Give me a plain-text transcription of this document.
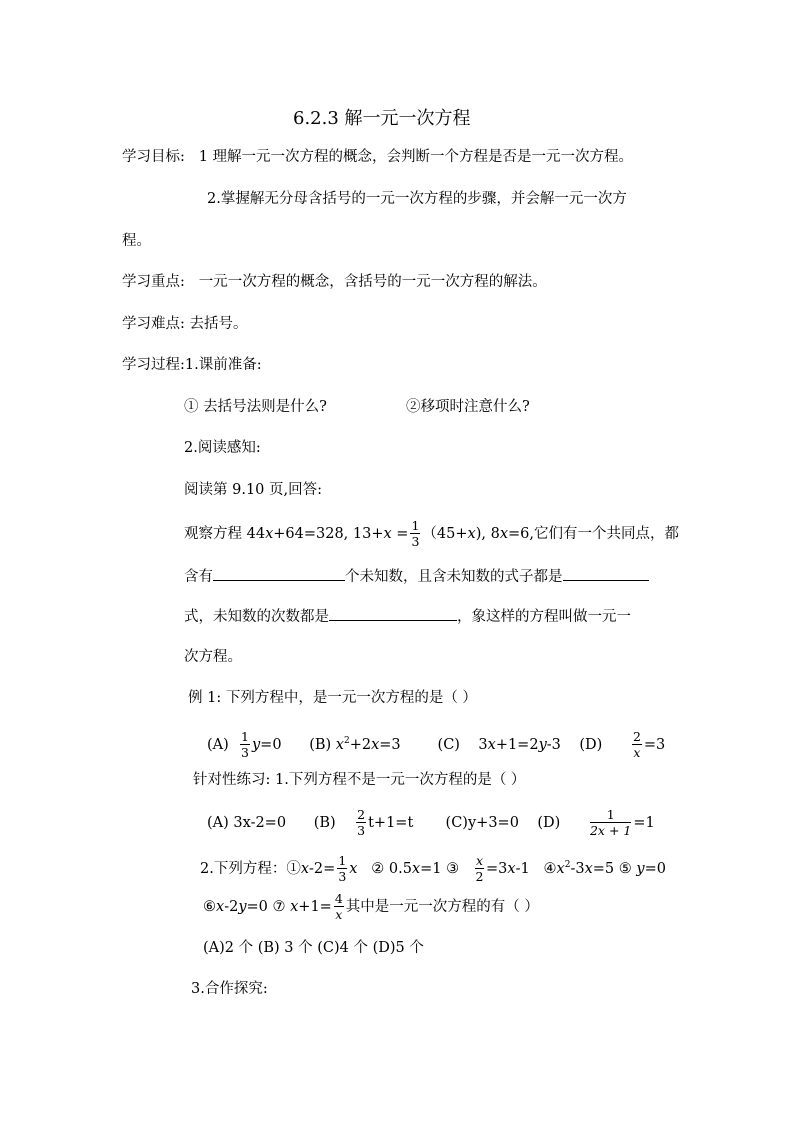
6.2.3 解一元一次方程
学习目标: 1 理解一元一次方程的概念，会判断一个方程是否是一元一次方程。
2.掌握解无分母含括号的一元一次方程的步骤，并会解一元一次方
程。
学习重点: 一元一次方程的概念，含括号的一元一次方程的解法。
学习难点: 去括号。
学习过程:1.课前准备:
① 去括号法则是什么?	②移项时注意什么?
2.阅读感知:
阅读第 9.10 页,回答:
观察方程 44x+64=328, $13+x = \frac{1}{3} (45+x)$, 8x=6,它们有一个共同点，都
含有	个未知数，且含未知数的式子都是
式，未知数的次数都是	，象这样的方程叫做一元一
次方程。
例 1: 下列方程中，是一元一次方程的是（ ）
$(A) \frac{1}{3} y=0$ (B) $x^2+2x=3$	(C) 3x+1=2y-3 $(D) \frac{2}{x} =3$
针对性练习: 1.下列方程不是一元一次方程的是（ ）
(A) 3x-2=0 $(B) \frac{2}{3} t+1=t$ (C)y+3=0 $(D) \frac{1}{2x + 1} =1$
2.下列方程：①x-2= $\frac{1}{3}$ x ② 0.5x=1 ③ $\frac{x}{2} =3x-1$ $④x^2-3x=5$ ⑤ y=0
⑥x-2y=0 ⑦ $x+1= \frac{4}{x}$ 其中是一元一次方程的有（ ）
(A)2 个 (B) 3 个 (C)4 个 (D)5 个
3.合作探究:
